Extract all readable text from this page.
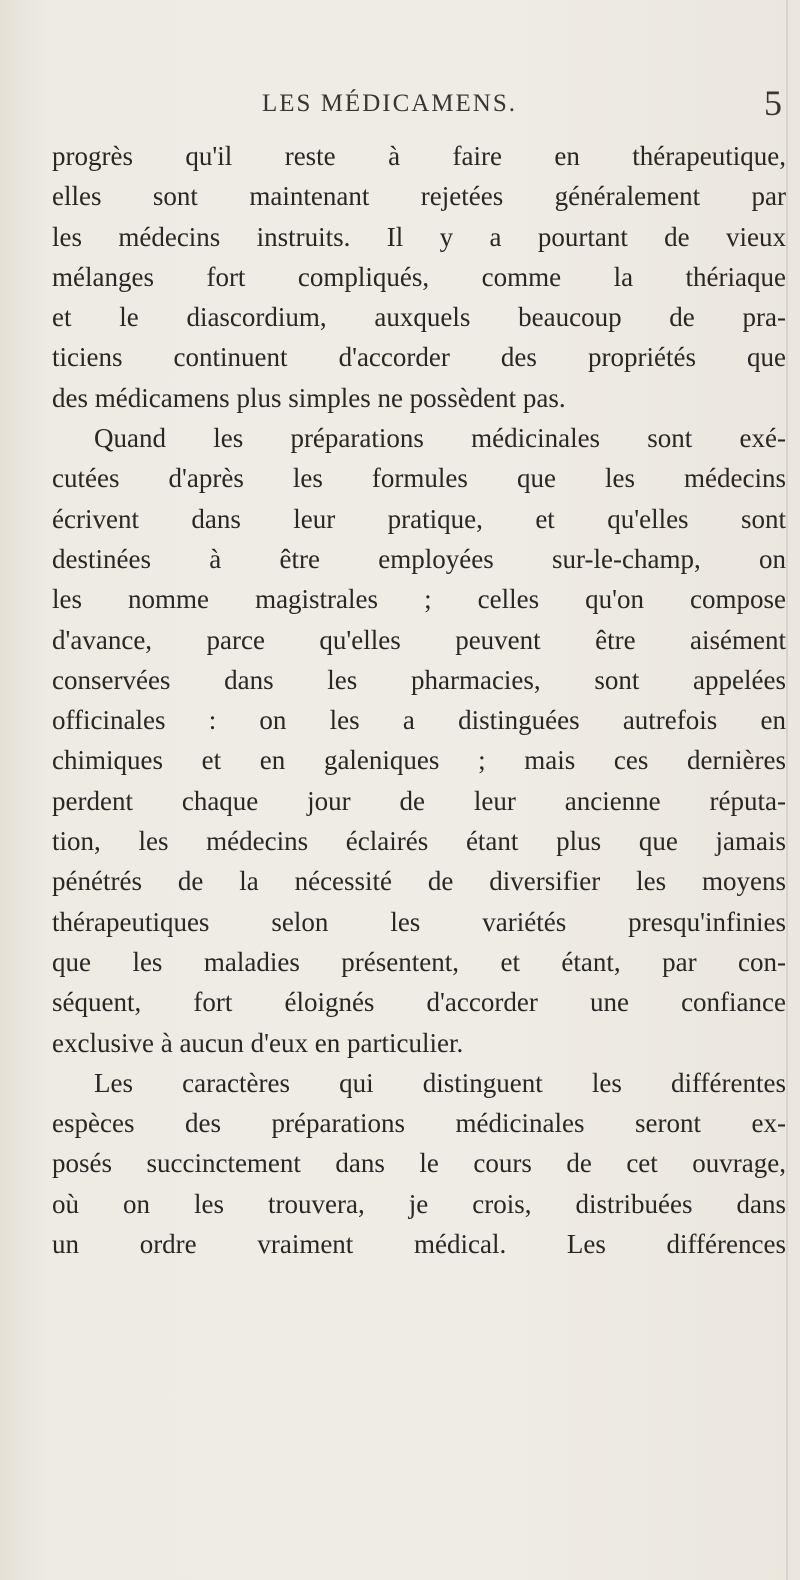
LES MÉDICAMENS.	5
progrès qu'il reste à faire en thérapeutique,
elles sont maintenant rejetées généralement par
les médecins instruits. Il y a pourtant de vieux
mélanges fort compliqués, comme la thériaque
et le diascordium, auxquels beaucoup de pra-
ticiens continuent d'accorder des propriétés que
des médicamens plus simples ne possèdent pas.
Quand les préparations médicinales sont exé-
cutées d'après les formules que les médecins
écrivent dans leur pratique, et qu'elles sont
destinées à être employées sur-le-champ, on
les nomme magistrales ; celles qu'on compose
d'avance, parce qu'elles peuvent être aisément
conservées dans les pharmacies, sont appelées
officinales : on les a distinguées autrefois en
chimiques et en galeniques ; mais ces dernières
perdent chaque jour de leur ancienne réputa-
tion, les médecins éclairés étant plus que jamais
pénétrés de la nécessité de diversifier les moyens
thérapeutiques selon les variétés presqu'infinies
que les maladies présentent, et étant, par con-
séquent, fort éloignés d'accorder une confiance
exclusive à aucun d'eux en particulier.
Les caractères qui distinguent les différentes
espèces des préparations médicinales seront ex-
posés succinctement dans le cours de cet ouvrage,
où on les trouvera, je crois, distribuées dans
un ordre vraiment médical. Les différences
